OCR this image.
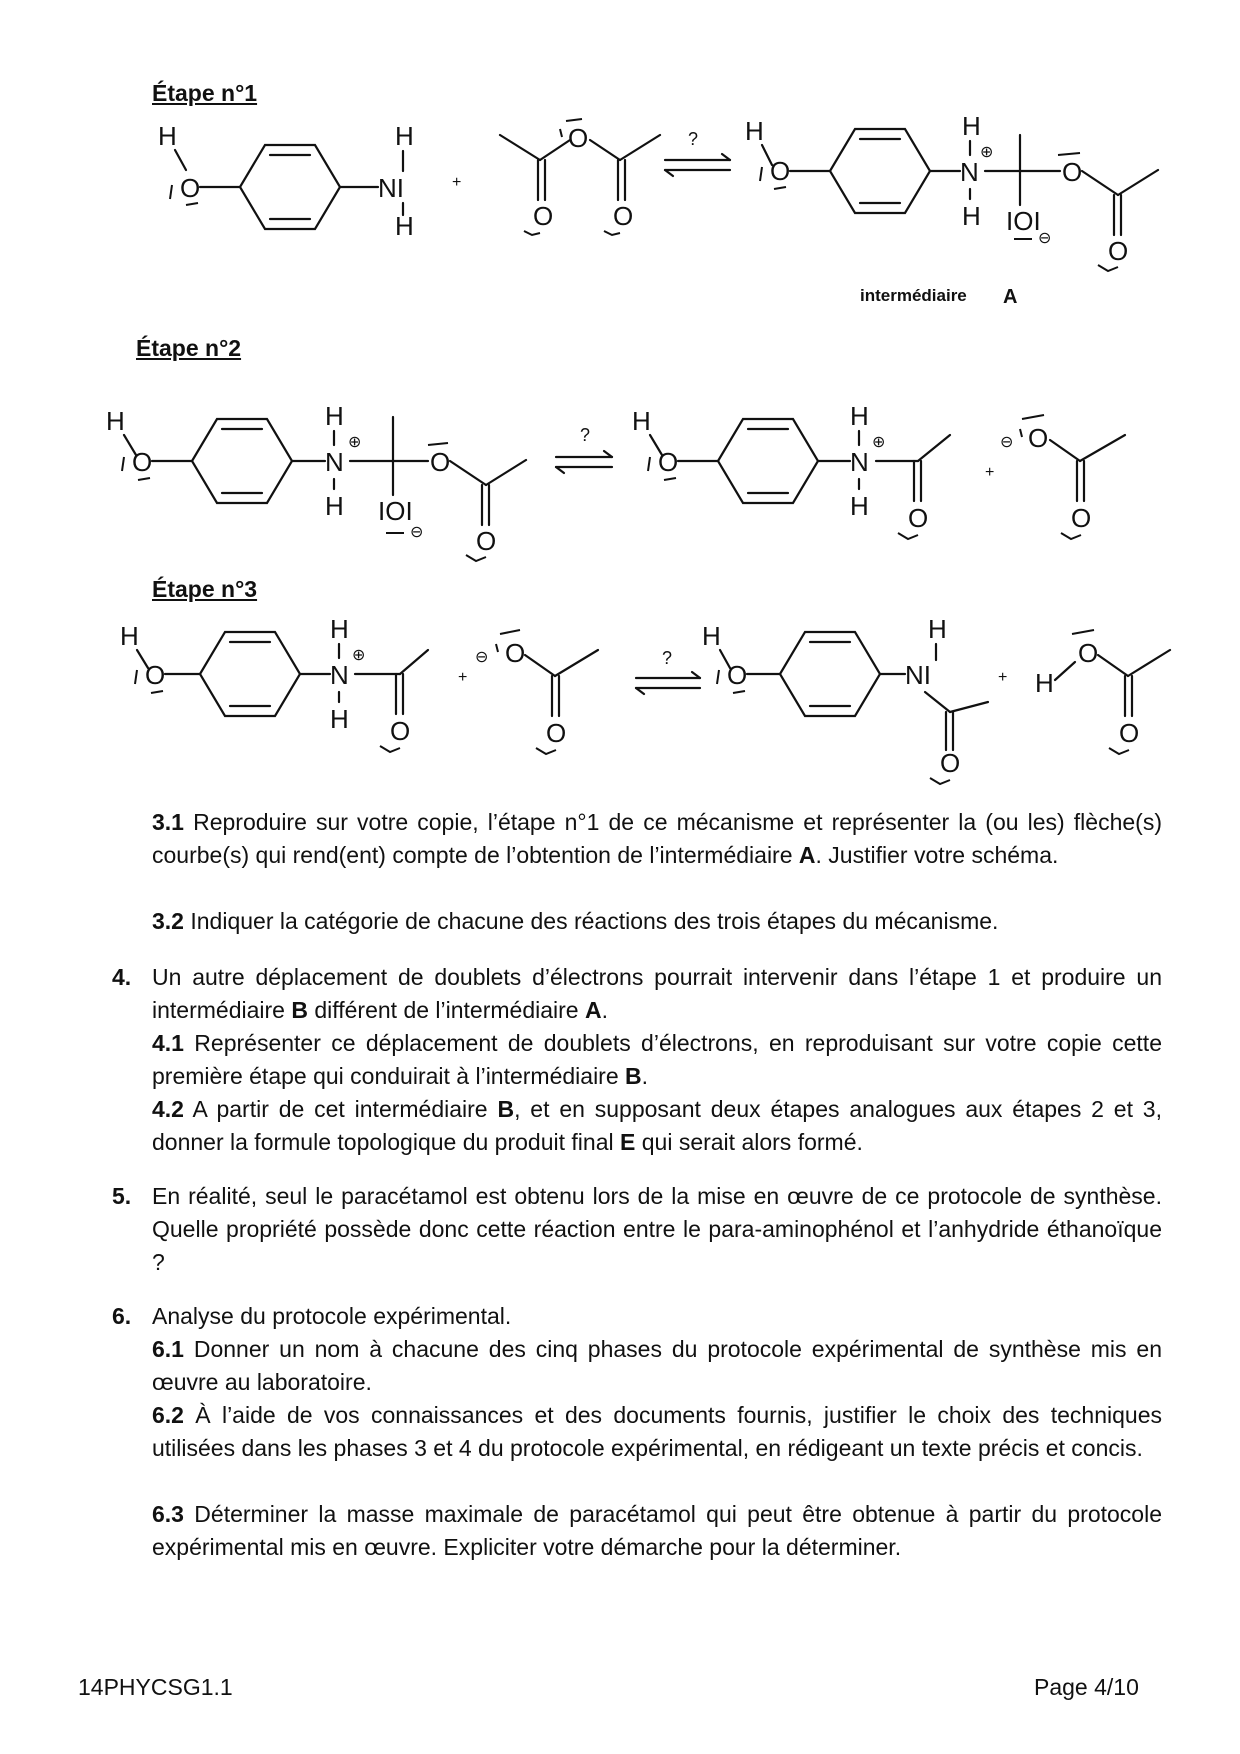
Étape n°1
H
O	NI
H
H
+
O
O O
? H
O	N
⊕
H
H IOI
⊖
O
O
intermédiaire A
Étape n°2
H
O	N
⊕
H
H IOI
⊖
O
O
? H
O	N
⊕
H
H O
+
⊖ O
O
Étape n°3
H
O	N
⊕
H
H O
+
⊖ O
O
?
H
O	NI
H
O
+ H
O
O

3.1 Reproduire sur votre copie, l’étape n°1 de ce mécanisme et représenter la (ou les) flèche(s) courbe(s) qui rend(ent) compte de l’obtention de l’intermédiaire A. Justifier votre schéma.

3.2 Indiquer la catégorie de chacune des réactions des trois étapes du mécanisme.

4. Un autre déplacement de doublets d’électrons pourrait intervenir dans l’étape 1 et produire un intermédiaire B différent de l’intermédiaire A.

4.1 Représenter ce déplacement de doublets d’électrons, en reproduisant sur votre copie cette première étape qui conduirait à l’intermédiaire B.

4.2 A partir de cet intermédiaire B, et en supposant deux étapes analogues aux étapes 2 et 3, donner la formule topologique du produit final E qui serait alors formé.

5. En réalité, seul le paracétamol est obtenu lors de la mise en œuvre de ce protocole de synthèse. Quelle propriété possède donc cette réaction entre le para-aminophénol et l’anhydride éthanoïque ?

6. Analyse du protocole expérimental.

6.1 Donner un nom à chacune des cinq phases du protocole expérimental de synthèse mis en œuvre au laboratoire.

6.2 À l’aide de vos connaissances et des documents fournis, justifier le choix des techniques utilisées dans les phases 3 et 4 du protocole expérimental, en rédigeant un texte précis et concis.

6.3 Déterminer la masse maximale de paracétamol qui peut être obtenue à partir du protocole expérimental mis en œuvre. Expliciter votre démarche pour la déterminer.

14PHYCSG1.1	Page 4/10
